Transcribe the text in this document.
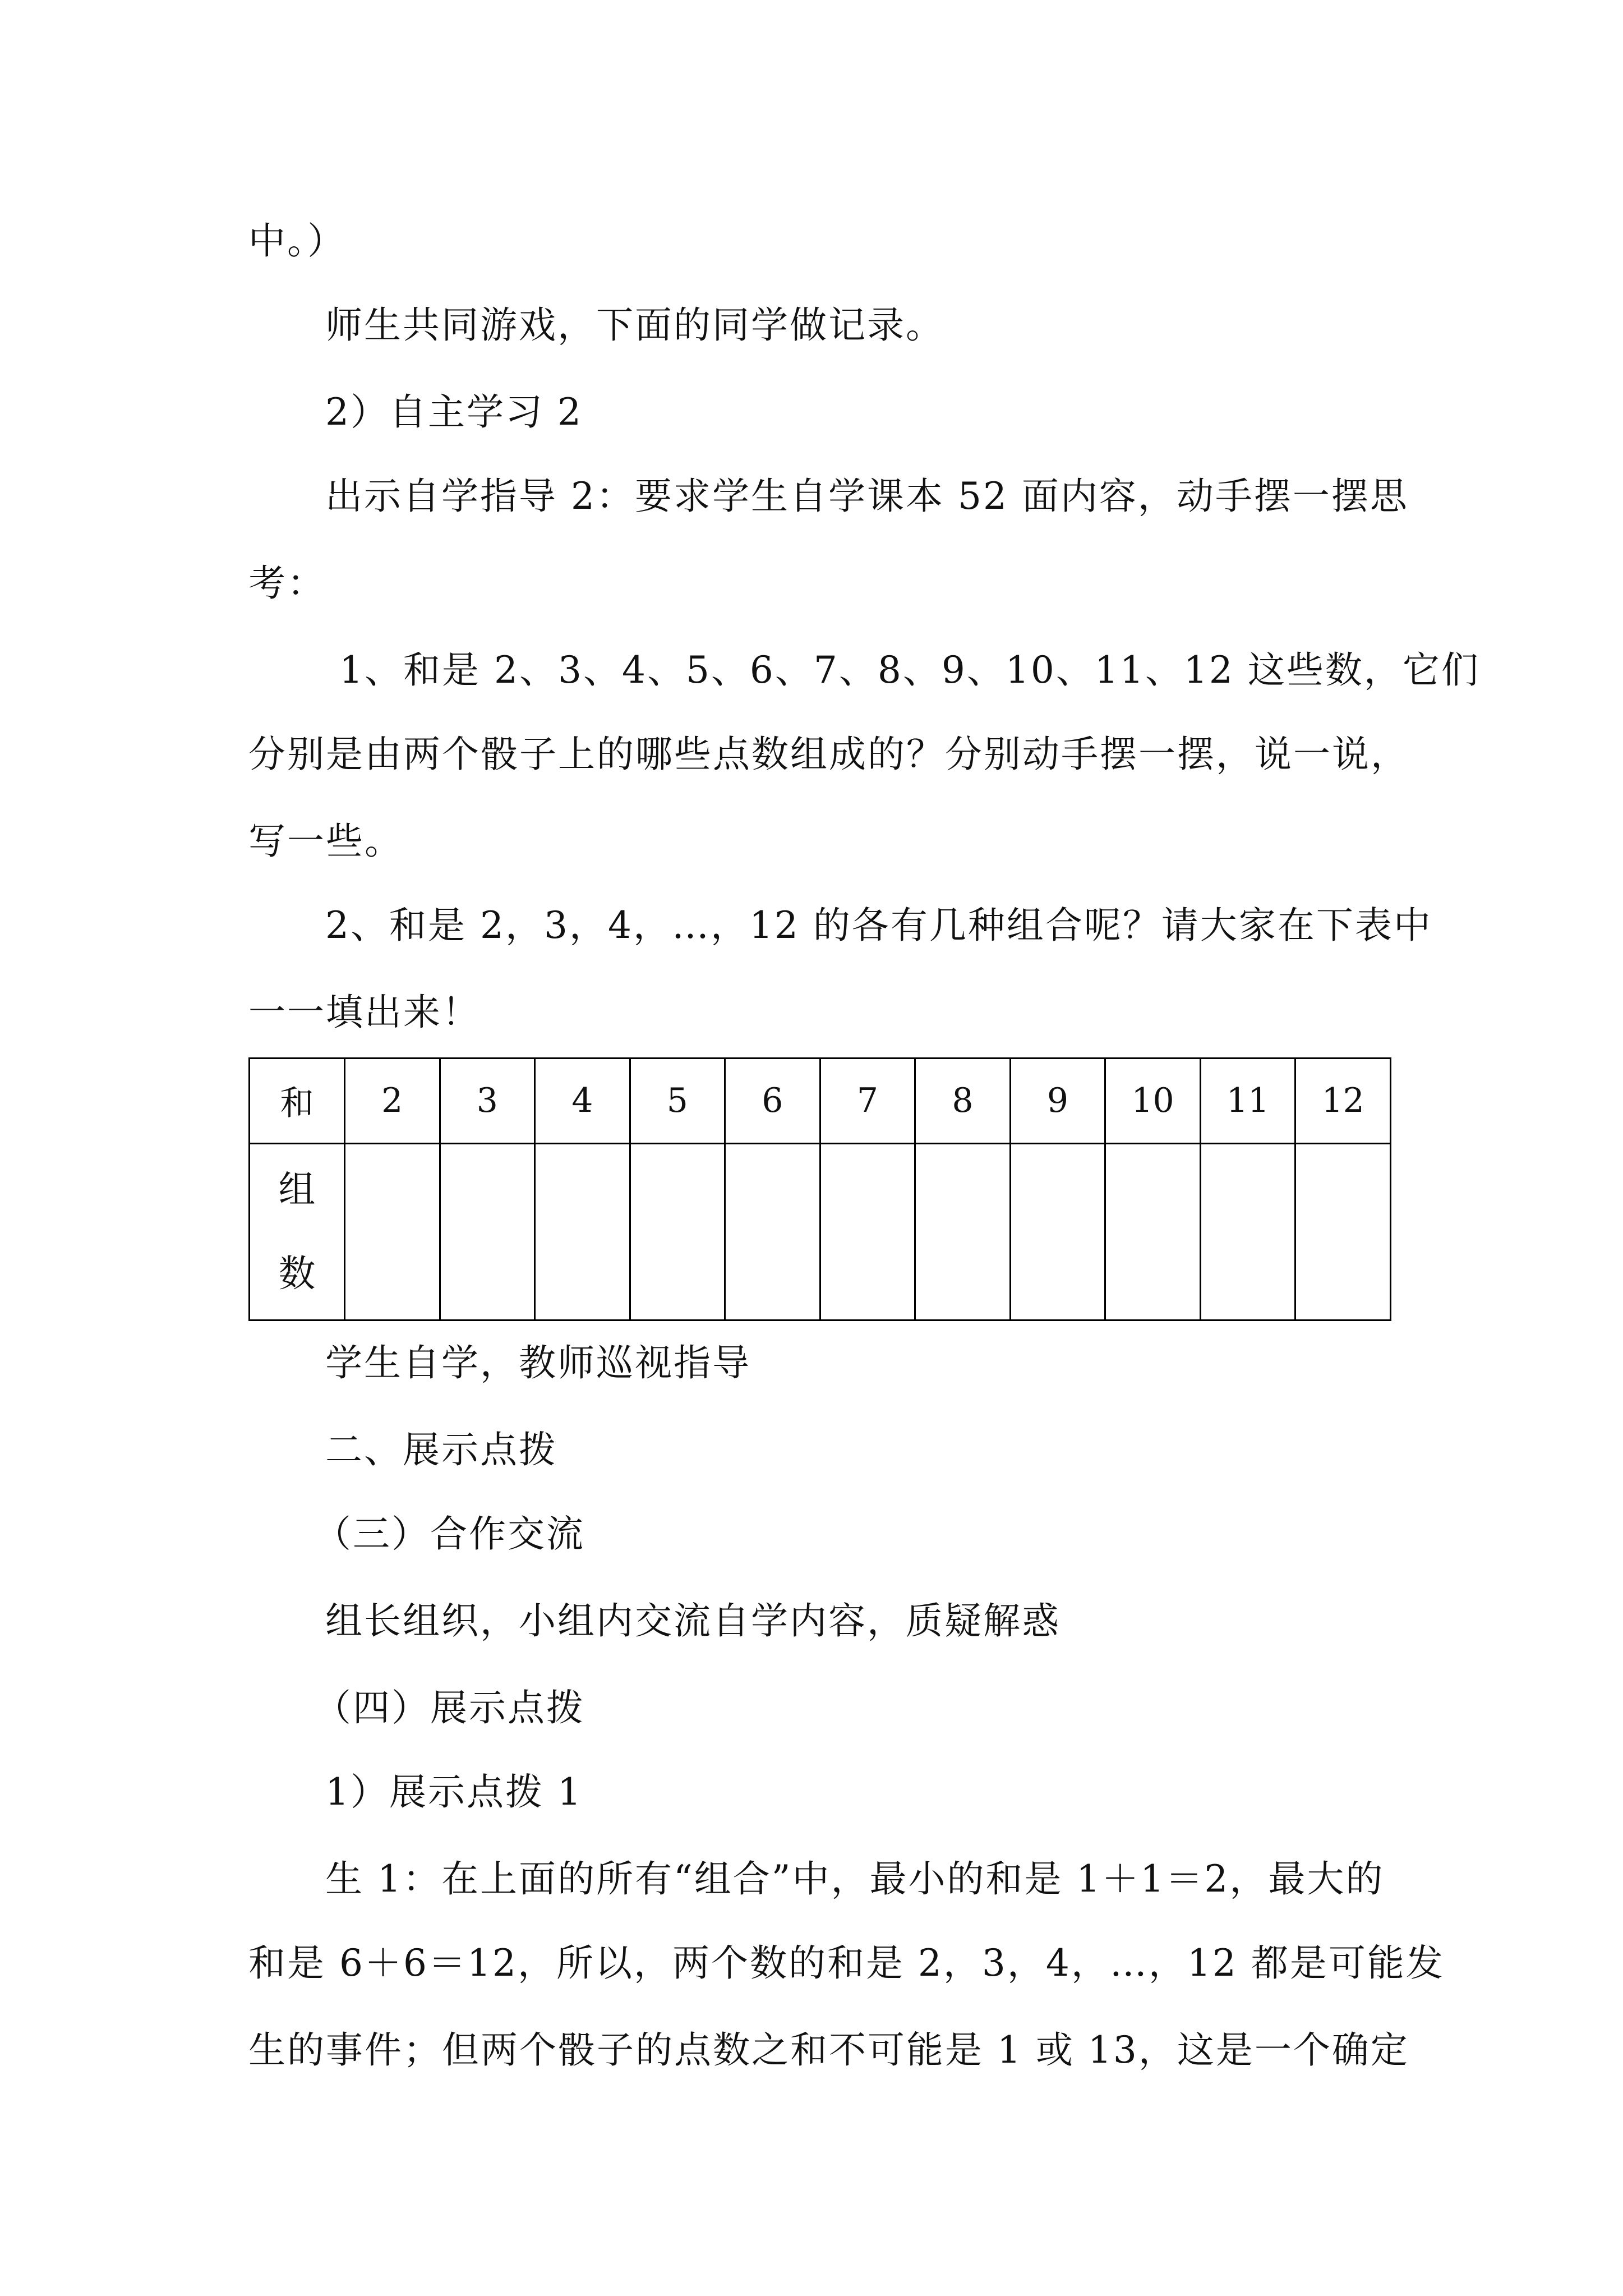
中。）

师生共同游戏，下面的同学做记录。

2）自主学习 2

出示自学指导 2：要求学生自学课本 52 面内容，动手摆一摆思

考：

1、和是 2、3、4、5、6、7、8、9、10、11、12 这些数，它们

分别是由两个骰子上的哪些点数组成的？分别动手摆一摆，说一说，

写一些。

2、和是 2，3，4，…，12 的各有几种组合呢？请大家在下表中

一一填出来！

和	2	3	4	5	6	7	8	9	10	11	12

组
数											

学生自学，教师巡视指导

二、展示点拨

（三）合作交流

组长组织，小组内交流自学内容，质疑解惑

（四）展示点拨

1）展示点拨 1

生 1：在上面的所有“组合”中，最小的和是 1＋1＝2，最大的

和是 6＋6＝12，所以，两个数的和是 2，3，4，…，12 都是可能发

生的事件；但两个骰子的点数之和不可能是 1 或 13，这是一个确定
